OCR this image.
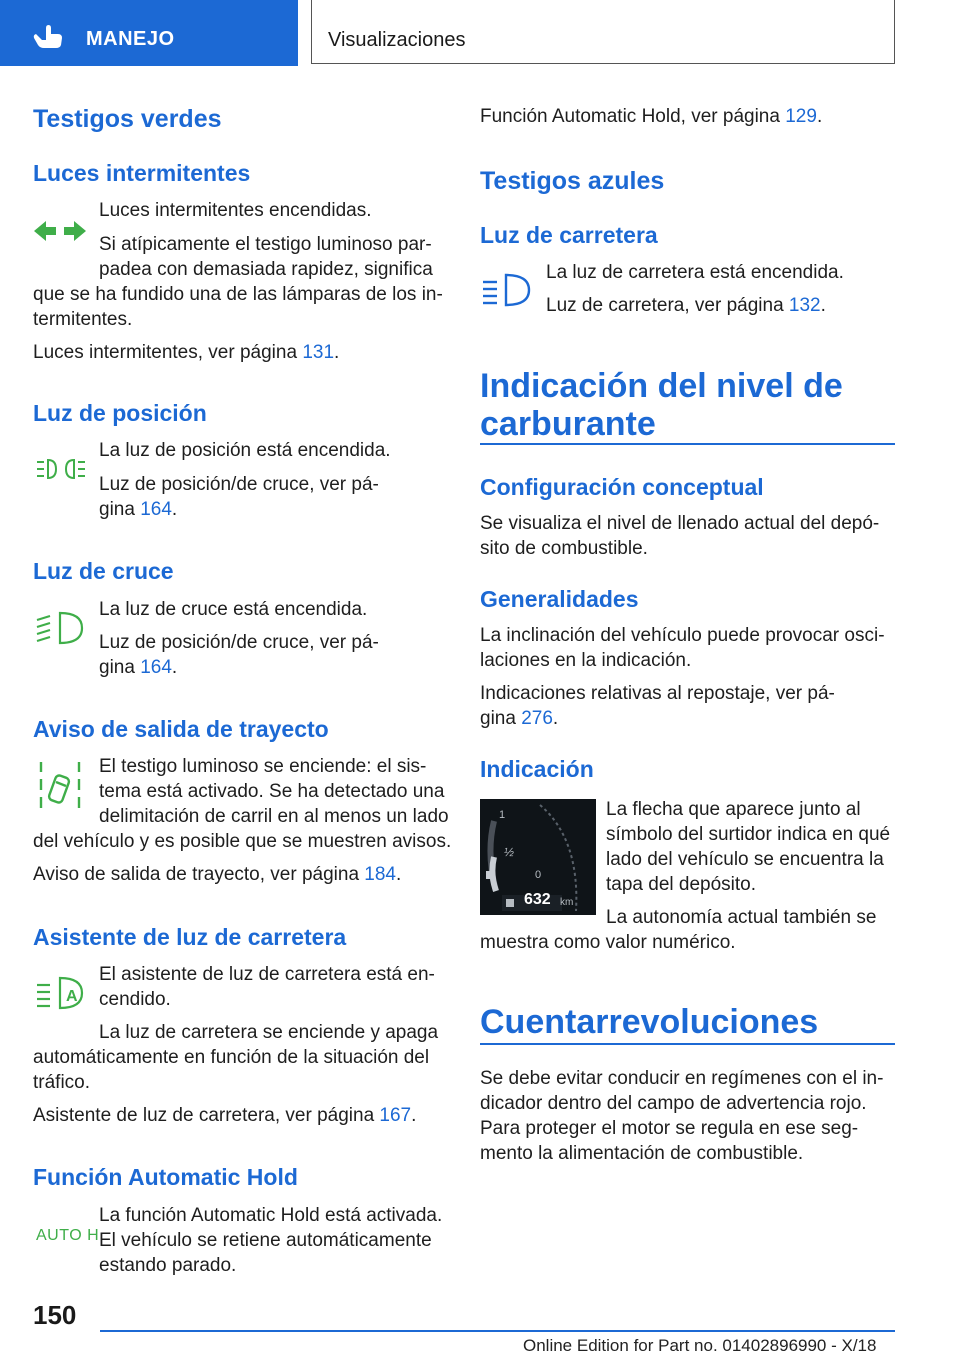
MANEJO	Visualizaciones
Testigos verdes
Luces intermitentes
Luces intermitentes encendidas.
Si atípicamente el testigo luminoso par-
padea con demasiada rapidez, significa
que se ha fundido una de las lámparas de los in-
termitentes.
Luces intermitentes, ver página 131.
Luz de posición
La luz de posición está encendida.
Luz de posición/de cruce, ver pá-
gina 164.
Luz de cruce
La luz de cruce está encendida.
Luz de posición/de cruce, ver pá-
gina 164.
Aviso de salida de trayecto
El testigo luminoso se enciende: el sis-
tema está activado. Se ha detectado una
delimitación de carril en al menos un lado
del vehículo y es posible que se muestren avisos.
Aviso de salida de trayecto, ver página 184.
Asistente de luz de carretera
A
El asistente de luz de carretera está en-
cendido.
La luz de carretera se enciende y apaga
automáticamente en función de la situación del
tráfico.
Asistente de luz de carretera, ver página 167.
Función Automatic Hold
AUTO H
La función Automatic Hold está activada.
El vehículo se retiene automáticamente
estando parado.
Función Automatic Hold, ver página 129.
Testigos azules
Luz de carretera
La luz de carretera está encendida.
Luz de carretera, ver página 132.
Indicación del nivel de
carburante
Configuración conceptual
Se visualiza el nivel de llenado actual del depó-
sito de combustible.
Generalidades
La inclinación del vehículo puede provocar osci-
laciones en la indicación.
Indicaciones relativas al repostaje, ver pá-
gina 276.
Indicación
1
½
0
632 km
La flecha que aparece junto al
símbolo del surtidor indica en qué
lado del vehículo se encuentra la
tapa del depósito.
La autonomía actual también se
muestra como valor numérico.
Cuentarrevoluciones
Se debe evitar conducir en regímenes con el in-
dicador dentro del campo de advertencia rojo.
Para proteger el motor se regula en ese seg-
mento la alimentación de combustible.
150
Online Edition for Part no. 01402896990 - X/18
